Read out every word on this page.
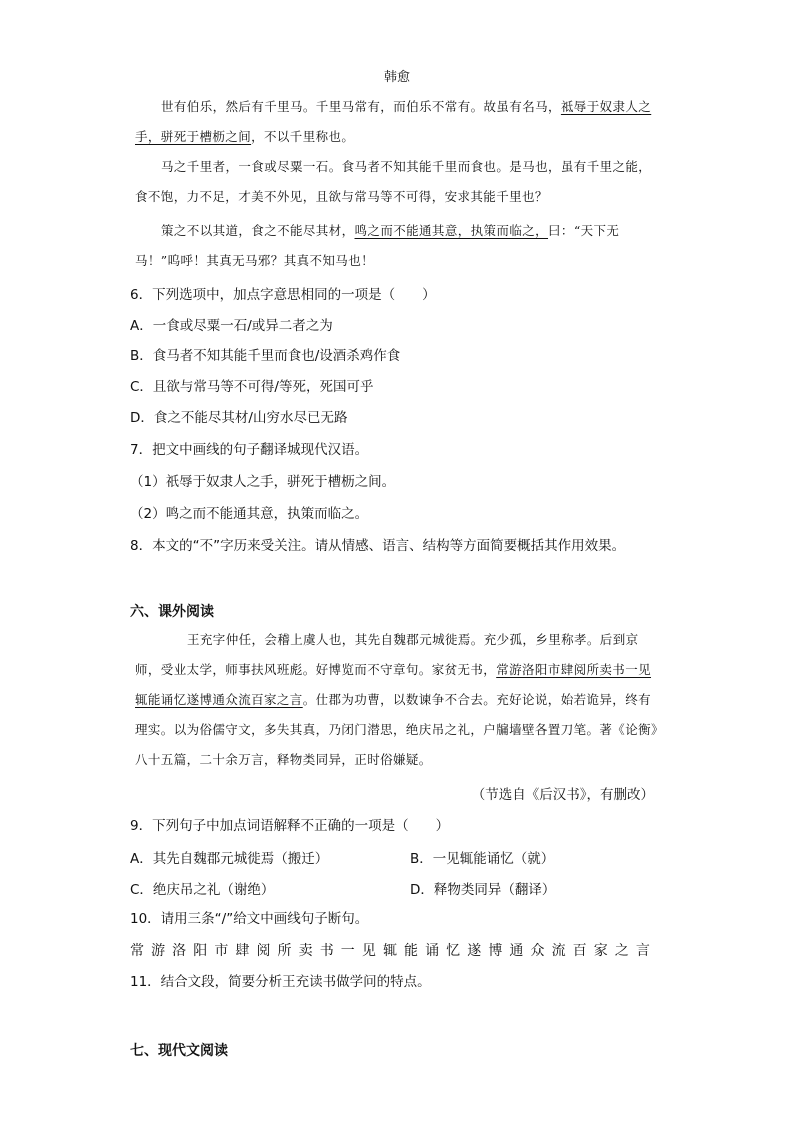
韩愈

世有伯乐，然后有千里马。千里马常有，而伯乐不常有。故虽有名马，祗辱于奴隶人之手，骈死于槽枥之间，不以千里称也。

马之千里者，一食或尽粟一石。食马者不知其能千里而食也。是马也，虽有千里之能，食不饱，力不足，才美不外见，且欲与常马等不可得，安求其能千里也？

策之不以其道，食之不能尽其材，鸣之而不能通其意，执策而临之，曰：“天下无马！”呜呼！其真无马邪？其真不知马也！

6．下列选项中，加点字意思相同的一项是（　　）
A．一食或尽粟一石/或异二者之为
B．食马者不知其能千里而食也/设酒杀鸡作食
C．且欲与常马等不可得/等死，死国可乎
D．食之不能尽其材/山穷水尽已无路
7．把文中画线的句子翻译城现代汉语。
（1）祇辱于奴隶人之手，骈死于槽枥之间。
（2）鸣之而不能通其意，执策而临之。
8．本文的“不”字历来受关注。请从情感、语言、结构等方面简要概括其作用效果。
六、课外阅读

王充字仲任，会稽上虞人也，其先自魏郡元城徙焉。充少孤，乡里称孝。后到京师，受业太学，师事扶风班彪。好博览而不守章句。家贫无书，常游洛阳市肆阅所卖书一见辄能诵忆遂博通众流百家之言。仕郡为功曹，以数谏争不合去。充好论说，始若诡异，终有理实。以为俗儒守文，多失其真，乃闭门潜思，绝庆吊之礼，户牖墙壁各置刀笔。著《论衡》八十五篇，二十余万言，释物类同异，正时俗嫌疑。

（节选自《后汉书》，有删改）
9．下列句子中加点词语解释不正确的一项是（　　）
A．其先自魏郡元城徙焉（搬迁）	B．一见辄能诵忆（就）
C．绝庆吊之礼（谢绝）	D．释物类同异（翻译）
10．请用三条“/”给文中画线句子断句。
常 游 洛 阳 市 肆 阅 所 卖 书 一 见 辄 能 诵 忆 遂 博 通 众 流 百 家 之 言
11．结合文段，简要分析王充读书做学问的特点。
七、现代文阅读
